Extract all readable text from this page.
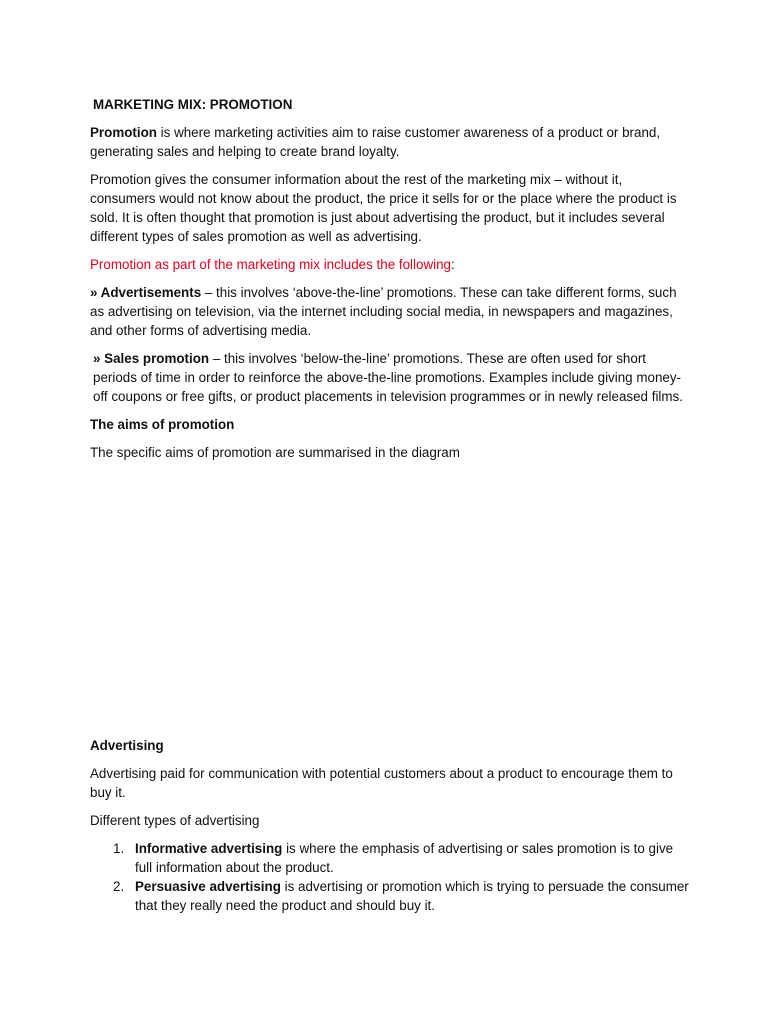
MARKETING MIX: PROMOTION

Promotion is where marketing activities aim to raise customer awareness of a product or brand, generating sales and helping to create brand loyalty.

Promotion gives the consumer information about the rest of the marketing mix – without it, consumers would not know about the product, the price it sells for or the place where the product is sold. It is often thought that promotion is just about advertising the product, but it includes several different types of sales promotion as well as advertising.

Promotion as part of the marketing mix includes the following:

» Advertisements – this involves ‘above-the-line’ promotions. These can take different forms, such as advertising on television, via the internet including social media, in newspapers and magazines, and other forms of advertising media.

» Sales promotion – this involves ‘below-the-line’ promotions. These are often used for short periods of time in order to reinforce the above-the-line promotions. Examples include giving money-off coupons or free gifts, or product placements in television programmes or in newly released films.

The aims of promotion

The specific aims of promotion are summarised in the diagram

Advertising

Advertising paid for communication with potential customers about a product to encourage them to buy it.

Different types of advertising

1. Informative advertising is where the emphasis of advertising or sales promotion is to give full information about the product.
2. Persuasive advertising is advertising or promotion which is trying to persuade the consumer that they really need the product and should buy it.
